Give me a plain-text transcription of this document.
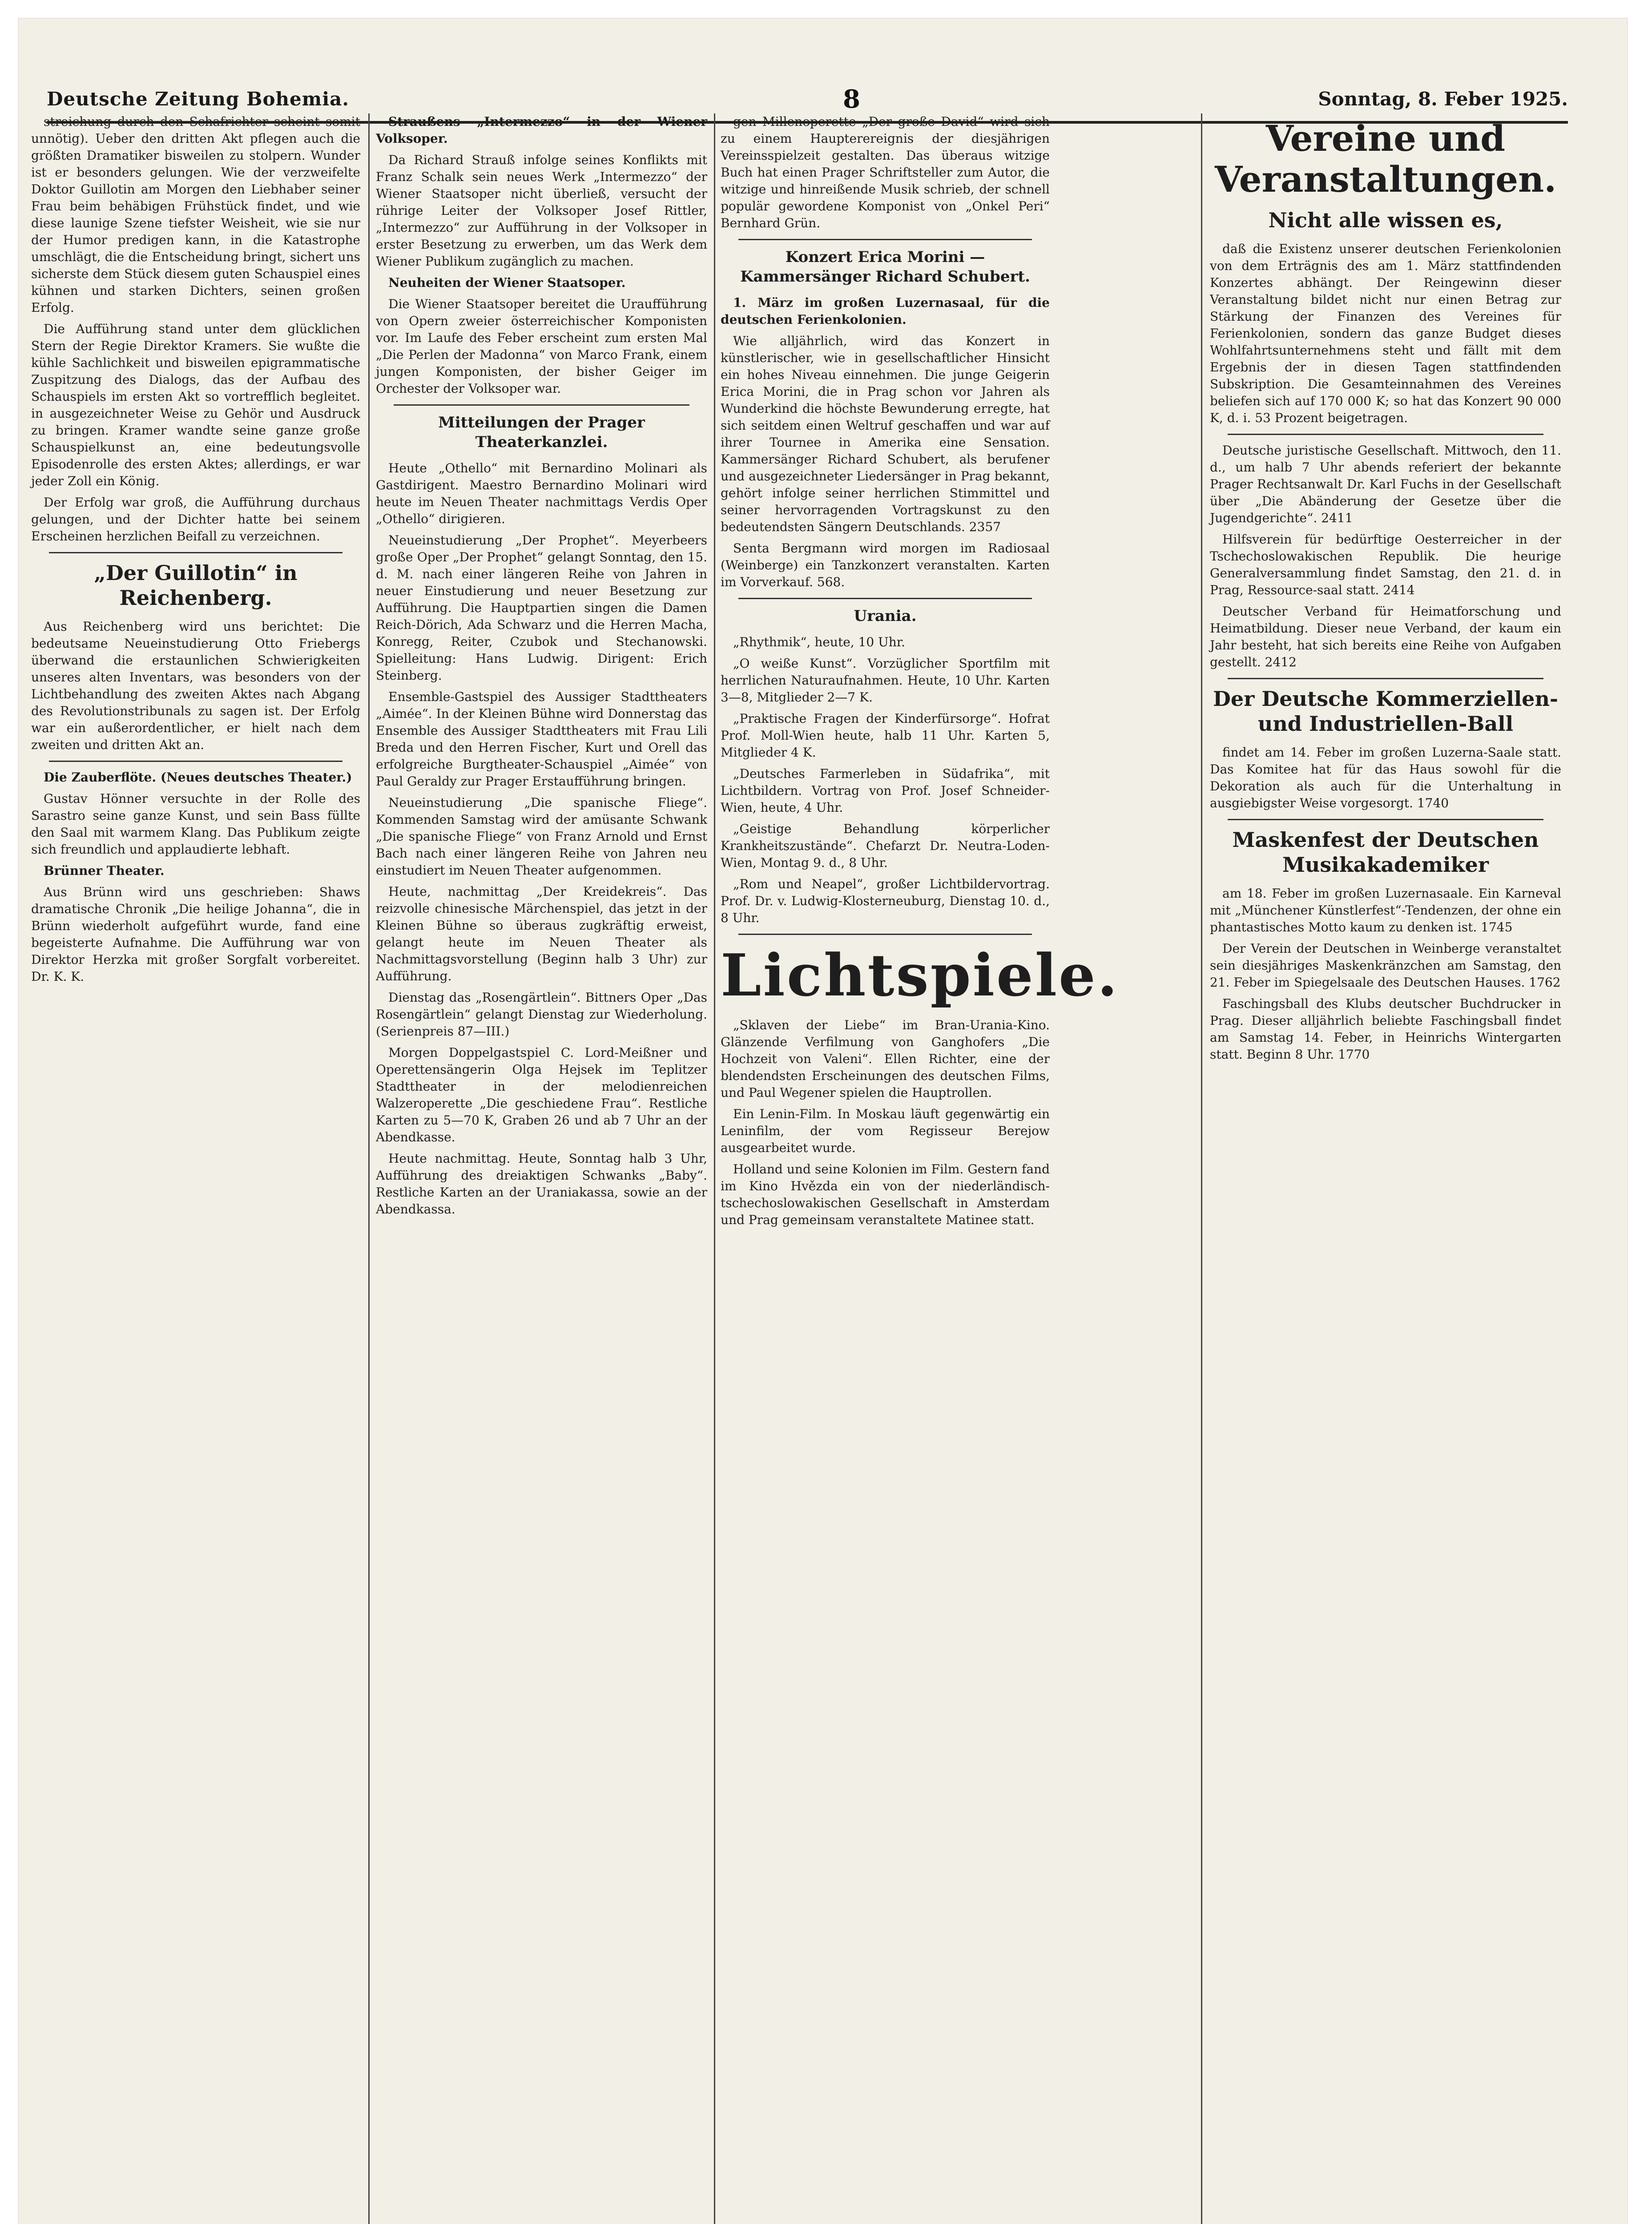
Deutsche Zeitung Bohemia.	8	Sonntag, 8. Feber 1925.

streichung durch den Schafrichter scheint somit unnötig). Ueber den dritten Akt pflegen auch die größten Dramatiker bisweilen zu stolpern. Wunder ist er besonders gelungen. Wie der verzweifelte Doktor Guillotin am Morgen den Liebhaber seiner Frau beim behäbigen Frühstück findet, und wie diese launige Szene tiefster Weisheit, wie sie nur der Humor predigen kann, in die Katastrophe umschlägt, die die Entscheidung bringt, sichert uns sicherste dem Stück diesem guten Schauspiel eines kühnen und starken Dichters, seinen großen Erfolg.

Die Aufführung stand unter dem glücklichen Stern der Regie Direktor Kramers. Sie wußte die kühle Sachlichkeit und bisweilen epigrammatische Zuspitzung des Dialogs, das der Aufbau des Schauspiels im ersten Akt so vortrefflich begleitet. in ausgezeichneter Weise zu Gehör und Ausdruck zu bringen. Kramer wandte seine ganze große Schauspielkunst an, eine bedeutungsvolle Episodenrolle des ersten Aktes; allerdings, er war jeder Zoll ein König.

Der Erfolg war groß, die Aufführung durchaus gelungen, und der Dichter hatte bei seinem Erscheinen herzlichen Beifall zu verzeichnen.

„Der Guillotin“ in Reichenberg.

Aus Reichenberg wird uns berichtet: Die bedeutsame Neueinstudierung Otto Friebergs überwand die erstaunlichen Schwierigkeiten unseres alten Inventars, was besonders von der Lichtbehandlung des zweiten Aktes nach Abgang des Revolutionstribunals zu sagen ist. Der Erfolg war ein außerordentlicher, er hielt nach dem zweiten und dritten Akt an.

Die Zauberflöte. (Neues deutsches Theater.)

Gustav Hönner versuchte in der Rolle des Sarastro seine ganze Kunst, und sein Bass füllte den Saal mit warmem Klang. Das Publikum zeigte sich freundlich und applaudierte lebhaft.

Brünner Theater.

Aus Brünn wird uns geschrieben: Shaws dramatische Chronik „Die heilige Johanna“, die in Brünn wiederholt aufgeführt wurde, fand eine begeisterte Aufnahme. Die Aufführung war von Direktor Herzka mit großer Sorgfalt vorbereitet. Dr. K. K.

Straußens „Intermezzo“ in der Wiener Volksoper.

Da Richard Strauß infolge seines Konflikts mit Franz Schalk sein neues Werk „Intermezzo“ der Wiener Staatsoper nicht überließ, versucht der rührige Leiter der Volksoper Josef Rittler, „Intermezzo“ zur Aufführung in der Volksoper in erster Besetzung zu erwerben, um das Werk dem Wiener Publikum zugänglich zu machen.

Neuheiten der Wiener Staatsoper.

Die Wiener Staatsoper bereitet die Uraufführung von Opern zweier österreichischer Komponisten vor. Im Laufe des Feber erscheint zum ersten Mal „Die Perlen der Madonna“ von Marco Frank, einem jungen Komponisten, der bisher Geiger im Orchester der Volksoper war.

Mitteilungen der Prager Theaterkanzlei.

Heute „Othello“ mit Bernardino Molinari als Gastdirigent. Maestro Bernardino Molinari wird heute im Neuen Theater nachmittags Verdis Oper „Othello“ dirigieren.

Neueinstudierung „Der Prophet“. Meyerbeers große Oper „Der Prophet“ gelangt Sonntag, den 15. d. M. nach einer längeren Reihe von Jahren in neuer Einstudierung und neuer Besetzung zur Aufführung. Die Hauptpartien singen die Damen Reich-Dörich, Ada Schwarz und die Herren Macha, Konregg, Reiter, Czubok und Stechanowski. Spielleitung: Hans Ludwig. Dirigent: Erich Steinberg.

Ensemble-Gastspiel des Aussiger Stadttheaters „Aimée“. In der Kleinen Bühne wird Donnerstag das Ensemble des Aussiger Stadttheaters mit Frau Lili Breda und den Herren Fischer, Kurt und Orell das erfolgreiche Burgtheater-Schauspiel „Aimée“ von Paul Geraldy zur Prager Erstaufführung bringen.

Neueinstudierung „Die spanische Fliege“. Kommenden Samstag wird der amüsante Schwank „Die spanische Fliege“ von Franz Arnold und Ernst Bach nach einer längeren Reihe von Jahren neu einstudiert im Neuen Theater aufgenommen.

Heute, nachmittag „Der Kreidekreis“. Das reizvolle chinesische Märchenspiel, das jetzt in der Kleinen Bühne so überaus zugkräftig erweist, gelangt heute im Neuen Theater als Nachmittagsvorstellung (Beginn halb 3 Uhr) zur Aufführung.

Dienstag das „Rosengärtlein“. Bittners Oper „Das Rosengärtlein“ gelangt Dienstag zur Wiederholung. (Serienpreis 87—III.)

Morgen Doppelgastspiel C. Lord-Meißner und Operettensängerin Olga Hejsek im Teplitzer Stadttheater in der melodienreichen Walzeroperette „Die geschiedene Frau“. Restliche Karten zu 5—70 K, Graben 26 und ab 7 Uhr an der Abendkasse.

Heute nachmittag. Heute, Sonntag halb 3 Uhr, Aufführung des dreiaktigen Schwanks „Baby“. Restliche Karten an der Uraniakassa, sowie an der Abendkassa.

gen Millenoperette „Der große David“ wird sich zu einem Haupterereignis der diesjährigen Vereinsspielzeit gestalten. Das überaus witzige Buch hat einen Prager Schriftsteller zum Autor, die witzige und hinreißende Musik schrieb, der schnell populär gewordene Komponist von „Onkel Peri“ Bernhard Grün.

Konzert Erica Morini — Kammersänger Richard Schubert.

1. März im großen Luzernasaal, für die deutschen Ferienkolonien.

Wie alljährlich, wird das Konzert in künstlerischer, wie in gesellschaftlicher Hinsicht ein hohes Niveau einnehmen. Die junge Geigerin Erica Morini, die in Prag schon vor Jahren als Wunderkind die höchste Bewunderung erregte, hat sich seitdem einen Weltruf geschaffen und war auf ihrer Tournee in Amerika eine Sensation. Kammersänger Richard Schubert, als berufener und ausgezeichneter Liedersänger in Prag bekannt, gehört infolge seiner herrlichen Stimmittel und seiner hervorragenden Vortragskunst zu den bedeutendsten Sängern Deutschlands. 2357

Senta Bergmann wird morgen im Radiosaal (Weinberge) ein Tanzkonzert veranstalten. Karten im Vorverkauf. 568.

Urania.

„Rhythmik“, heute, 10 Uhr.

„O weiße Kunst“. Vorzüglicher Sportfilm mit herrlichen Naturaufnahmen. Heute, 10 Uhr. Karten 3—8, Mitglieder 2—7 K.

„Praktische Fragen der Kinderfürsorge“. Hofrat Prof. Moll-Wien heute, halb 11 Uhr. Karten 5, Mitglieder 4 K.

„Deutsches Farmerleben in Südafrika“, mit Lichtbildern. Vortrag von Prof. Josef Schneider-Wien, heute, 4 Uhr.

„Geistige Behandlung körperlicher Krankheitszustände“. Chefarzt Dr. Neutra-Loden-Wien, Montag 9. d., 8 Uhr.

„Rom und Neapel“, großer Lichtbildervortrag. Prof. Dr. v. Ludwig-Klosterneuburg, Dienstag 10. d., 8 Uhr.

Lichtspiele.

„Sklaven der Liebe“ im Bran-Urania-Kino. Glänzende Verfilmung von Ganghofers „Die Hochzeit von Valeni“. Ellen Richter, eine der blendendsten Erscheinungen des deutschen Films, und Paul Wegener spielen die Hauptrollen.

Ein Lenin-Film. In Moskau läuft gegenwärtig ein Leninfilm, der vom Regisseur Berejow ausgearbeitet wurde.

Holland und seine Kolonien im Film. Gestern fand im Kino Hvězda ein von der niederländisch-tschechoslowakischen Gesellschaft in Amsterdam und Prag gemeinsam veranstaltete Matinee statt.

Vereine und Veranstaltungen.
Nicht alle wissen es,

daß die Existenz unserer deutschen Ferienkolonien von dem Erträgnis des am 1. März stattfindenden Konzertes abhängt. Der Reingewinn dieser Veranstaltung bildet nicht nur einen Betrag zur Stärkung der Finanzen des Vereines für Ferienkolonien, sondern das ganze Budget dieses Wohlfahrtsunternehmens steht und fällt mit dem Ergebnis der in diesen Tagen stattfindenden Subskription. Die Gesamteinnahmen des Vereines beliefen sich auf 170 000 K; so hat das Konzert 90 000 K, d. i. 53 Prozent beigetragen.

Deutsche juristische Gesellschaft. Mittwoch, den 11. d., um halb 7 Uhr abends referiert der bekannte Prager Rechtsanwalt Dr. Karl Fuchs in der Gesellschaft über „Die Abänderung der Gesetze über die Jugendgerichte“. 2411

Hilfsverein für bedürftige Oesterreicher in der Tschechoslowakischen Republik. Die heurige Generalversammlung findet Samstag, den 21. d. in Prag, Ressource-saal statt. 2414

Deutscher Verband für Heimatforschung und Heimatbildung. Dieser neue Verband, der kaum ein Jahr besteht, hat sich bereits eine Reihe von Aufgaben gestellt. 2412

Der Deutsche Kommerziellen- und Industriellen-Ball

findet am 14. Feber im großen Luzerna-Saale statt. Das Komitee hat für das Haus sowohl für die Dekoration als auch für die Unterhaltung in ausgiebigster Weise vorgesorgt. 1740

Maskenfest der Deutschen Musikakademiker

am 18. Feber im großen Luzernasaale. Ein Karneval mit „Münchener Künstlerfest“-Tendenzen, der ohne ein phantastisches Motto kaum zu denken ist. 1745

Der Verein der Deutschen in Weinberge veranstaltet sein diesjähriges Maskenkränzchen am Samstag, den 21. Feber im Spiegelsaale des Deutschen Hauses. 1762

Faschingsball des Klubs deutscher Buchdrucker in Prag. Dieser alljährlich beliebte Faschingsball findet am Samstag 14. Feber, in Heinrichs Wintergarten statt. Beginn 8 Uhr. 1770
